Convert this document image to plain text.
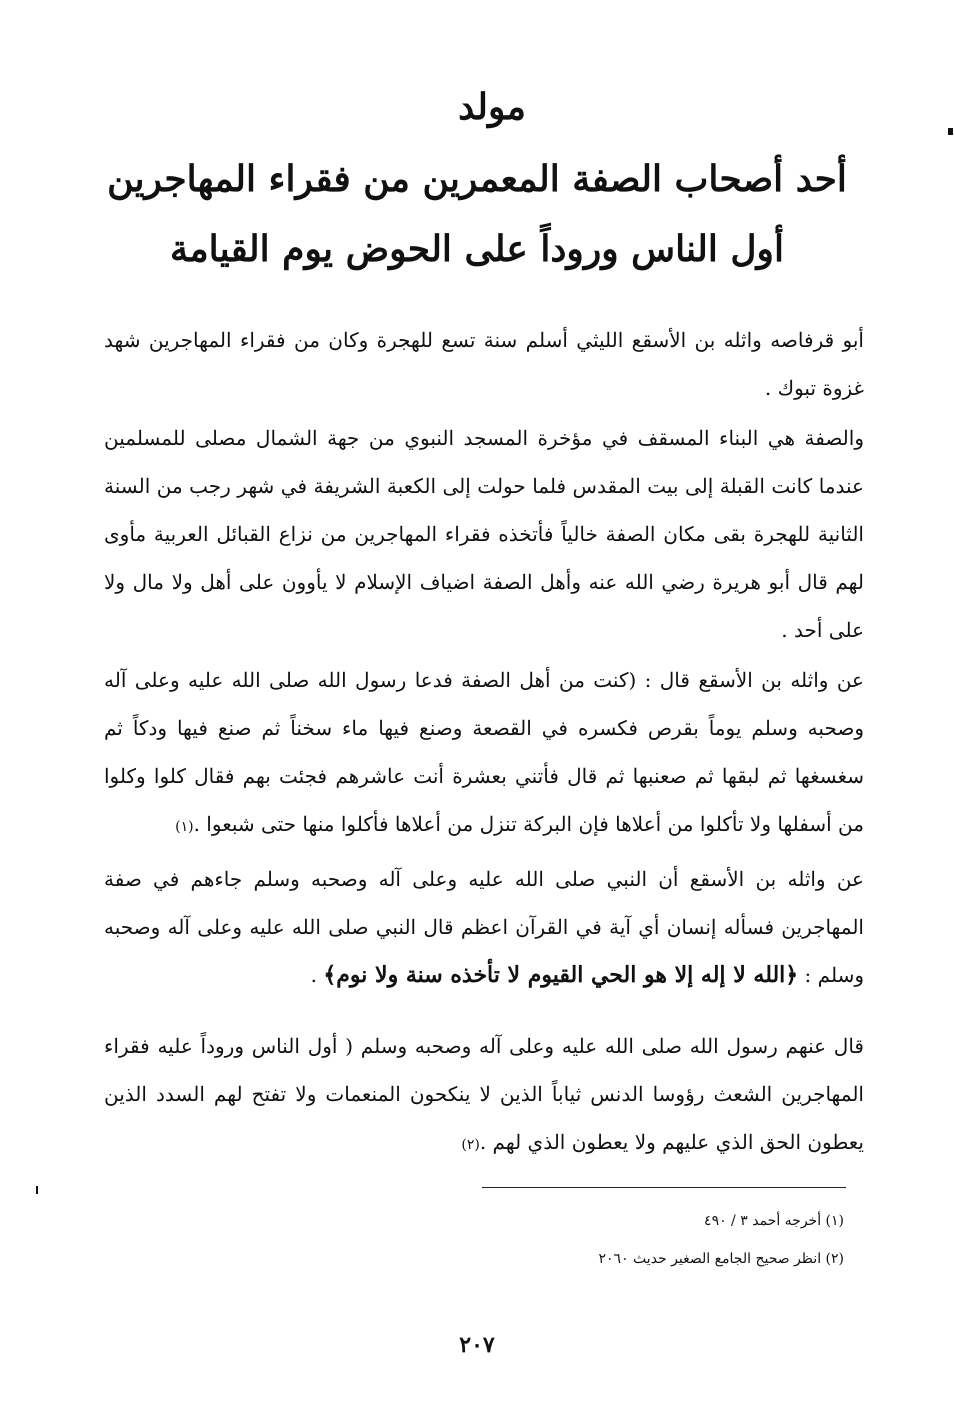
مولد
أحد أصحاب الصفة المعمرين من فقراء المهاجرين
أول الناس وروداً على الحوض يوم القيامة

أبو قرفاصه واثله بن الأسقع الليثي أسلم سنة تسع للهجرة وكان من فقراء المهاجرين شهد غزوة تبوك .

والصفة هي البناء المسقف في مؤخرة المسجد النبوي من جهة الشمال مصلى للمسلمين عندما كانت القبلة إلى بيت المقدس فلما حولت إلى الكعبة الشريفة في شهر رجب من السنة الثانية للهجرة بقى مكان الصفة خالياً فأتخذه فقراء المهاجرين من نزاع القبائل العربية مأوى لهم قال أبو هريرة رضي الله عنه وأهل الصفة اضياف الإسلام لا يأوون على أهل ولا مال ولا على أحد .

عن واثله بن الأسقع قال : (كنت من أهل الصفة فدعا رسول الله صلى الله عليه وعلى آله وصحبه وسلم يوماً بقرص فكسره في القصعة وصنع فيها ماء سخناً ثم صنع فيها ودكاً ثم سغسغها ثم لبقها ثم صعنبها ثم قال فأتني بعشرة أنت عاشرهم فجئت بهم فقال كلوا وكلوا من أسفلها ولا تأكلوا من أعلاها فإن البركة تنزل من أعلاها فأكلوا منها حتى شبعوا .(١)

عن واثله بن الأسقع أن النبي صلى الله عليه وعلى آله وصحبه وسلم جاءهم في صفة المهاجرين فسأله إنسان أي آية في القرآن اعظم قال النبي صلى الله عليه وعلى آله وصحبه وسلم : ﴿الله لا إله إلا هو الحي القيوم لا تأخذه سنة ولا نوم﴾ .

قال عنهم رسول الله صلى الله عليه وعلى آله وصحبه وسلم ( أول الناس وروداً عليه فقراء المهاجرين الشعث رؤوسا الدنس ثياباً الذين لا ينكحون المنعمات ولا تفتح لهم السدد الذين يعطون الحق الذي عليهم ولا يعطون الذي لهم .(٢)

(١) أخرجه أحمد ٣ / ٤٩٠

(٢) انظر صحيح الجامع الصغير حديث ٢٠٦٠

٢٠٧
